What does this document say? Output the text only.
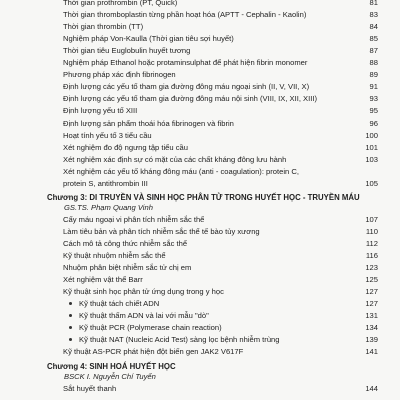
Thời gian prothrombin (PT, Quick)	81
Thời gian thromboplastin từng phần hoạt hóa (APTT - Cephalin - Kaolin)	83
Thời gian thrombin (TT)	84
Nghiệm pháp Von-Kaulla (Thời gian tiêu sợi huyết)	85
Thời gian tiêu Euglobulin huyết tương	87
Nghiệm pháp Ethanol hoặc protaminsulphat để phát hiện fibrin monomer	88
Phương pháp xác định fibrinogen	89
Định lượng các yếu tố tham gia đường đông máu ngoại sinh (II, V, VII, X)	91
Định lượng các yếu tố tham gia đường đông máu nội sinh (VIII, IX, XII, XIII)	93
Định lượng yếu tố XIII	95
Định lượng sản phẩm thoái hóa fibrinogen và fibrin	96
Hoạt tính yếu tố 3 tiểu cầu	100
Xét nghiệm đo độ ngưng tập tiểu cầu	101
Xét nghiệm xác định sự có mặt của các chất kháng đông lưu hành	103
Xét nghiệm các yếu tố kháng đông máu (anti - coagulation): protein C,
protein S, antithrombin III	105
Chương 3: DI TRUYỀN VÀ SINH HỌC PHÂN TỬ TRONG HUYẾT HỌC - TRUYỀN MÁU
GS.TS. Phạm Quang Vinh
Cấy máu ngoại vi phân tích nhiễm sắc thể	107
Làm tiêu bản và phân tích nhiễm sắc thể tế bào tủy xương	110
Cách mô tả công thức nhiễm sắc thể	112
Kỹ thuật nhuộm nhiễm sắc thể	116
Nhuộm phân biệt nhiễm sắc tử chị em	123
Xét nghiệm vật thể Barr	125
Kỹ thuật sinh học phân tử ứng dụng trong y học	127
Kỹ thuật tách chiết ADN	127
Kỹ thuật thấm ADN và lai với mẫu "dò"	131
Kỹ thuật PCR (Polymerase chain reaction)	134
Kỹ thuật NAT (Nucleic Acid Test) sàng lọc bệnh nhiễm trùng	139
Kỹ thuật AS-PCR phát hiện đột biến gen JAK2 V617F	141
Chương 4: SINH HOÁ HUYẾT HỌC
BSCK I. Nguyễn Chí Tuyển
Sắt huyết thanh	144
